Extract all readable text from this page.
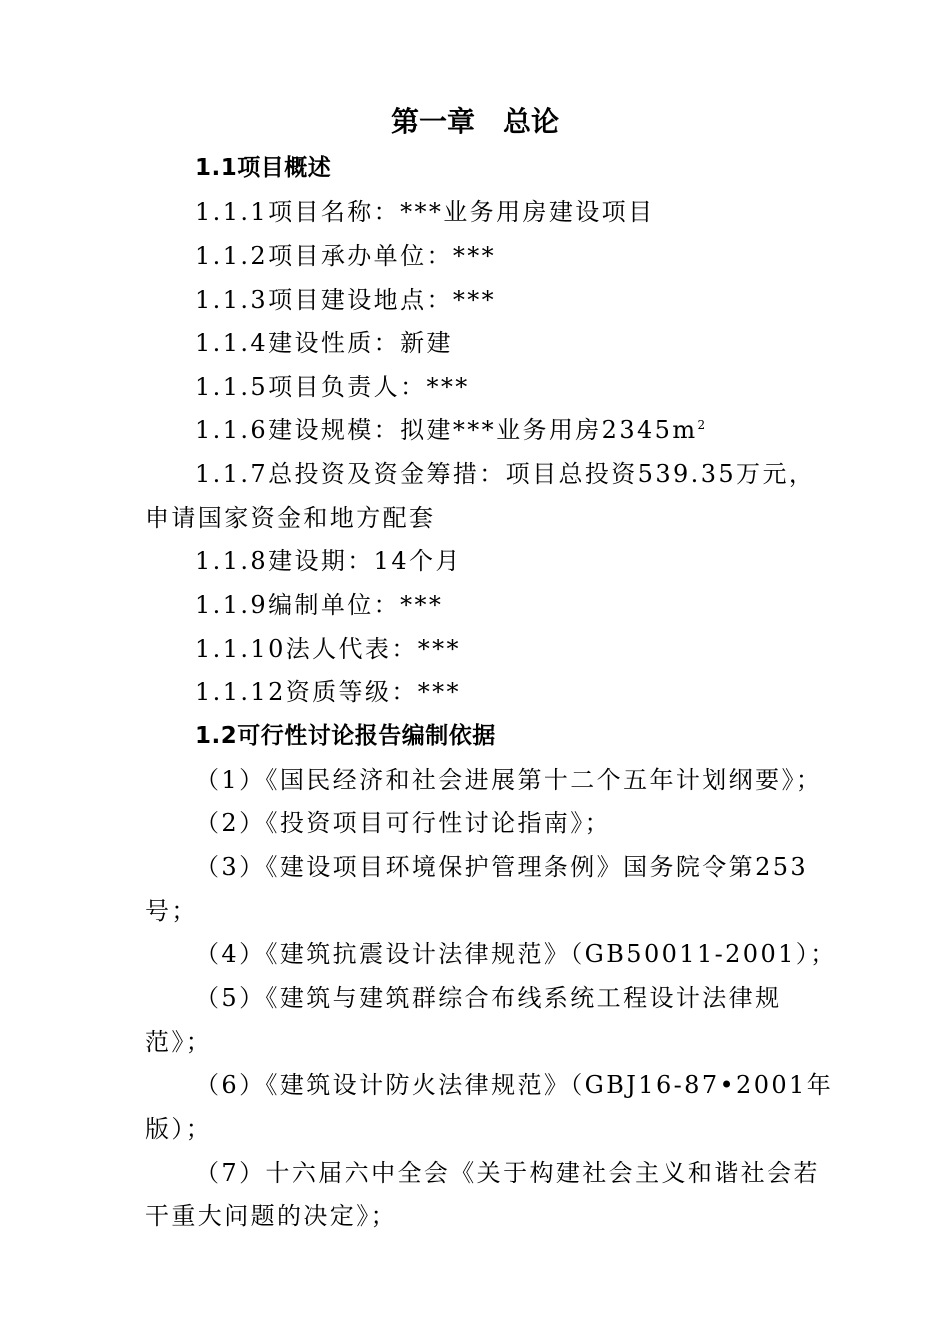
第一章　总论
1.1项目概述
1.1.1项目名称：***业务用房建设项目
1.1.2项目承办单位：***
1.1.3项目建设地点：***
1.1.4建设性质：新建
1.1.5项目负责人：***
1.1.6建设规模：拟建***业务用房$2345m^2$
1.1.7总投资及资金筹措：项目总投资539.35万元，
申请国家资金和地方配套
1.1.8建设期：14个月
1.1.9编制单位：***
1.1.10法人代表：***
1.1.12资质等级：***
1.2可行性讨论报告编制依据
（1）《国民经济和社会进展第十二个五年计划纲要》；
（2）《投资项目可行性讨论指南》；
（3）《建设项目环境保护管理条例》国务院令第253
号；
（4）《建筑抗震设计法律规范》（GB50011-2001）；
（5）《建筑与建筑群综合布线系统工程设计法律规
范》；
（6）《建筑设计防火法律规范》（GBJ16-87•2001年
版）；
（7）十六届六中全会《关于构建社会主义和谐社会若
干重大问题的决定》；
